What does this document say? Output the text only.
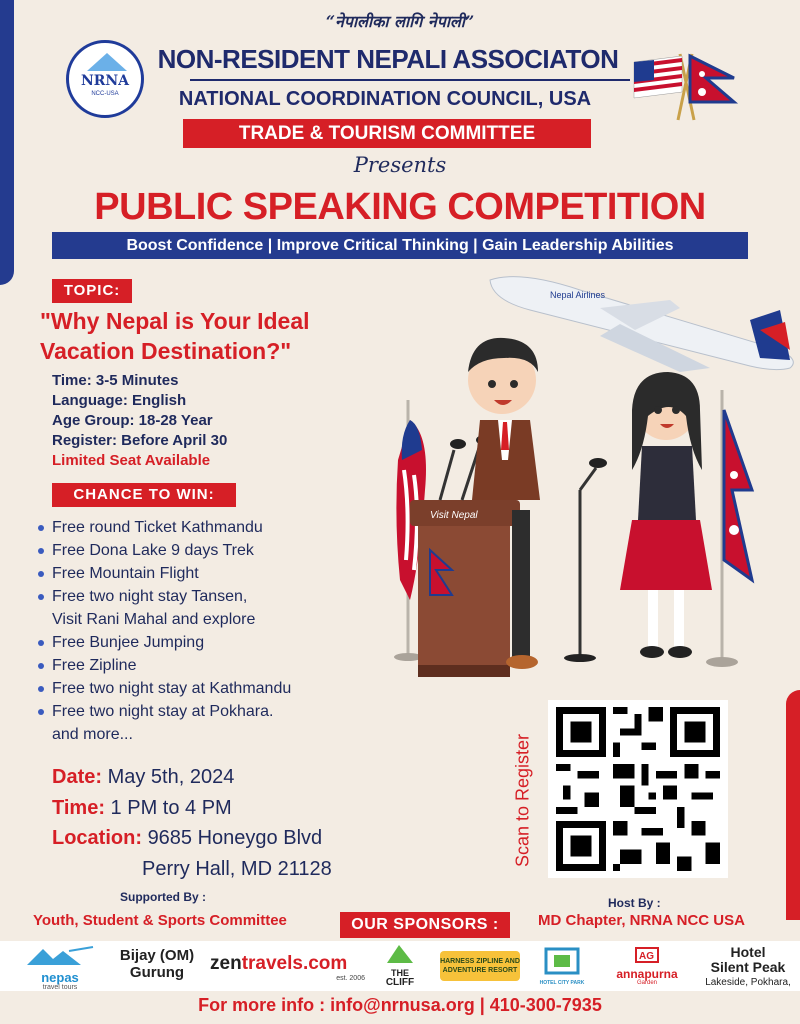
“नेपालीका लागि नेपाली”
NRNA
NCC-USA
NON-RESIDENT NEPALI ASSOCIATON
NATIONAL COORDINATION COUNCIL, USA
TRADE & TOURISM COMMITTEE
Presents
PUBLIC SPEAKING COMPETITION
Boost Confidence | Improve Critical Thinking | Gain Leadership Abilities
TOPIC:
"Why Nepal is Your Ideal Vacation Destination?"
Time: 3-5 Minutes
Language: English
Age Group: 18-28 Year
Register: Before April 30
Limited Seat Available
CHANCE TO WIN:
Free round Ticket Kathmandu
Free Dona Lake 9 days Trek
Free Mountain Flight
Free two night stay Tansen,
Visit Rani Mahal and explore
Free Bunjee Jumping
Free Zipline
Free two night stay at Kathmandu
Free two night stay at Pokhara.
and more...
Date: May 5th, 2024
Time: 1 PM to 4 PM
Location: 9685 Honeygo Blvd
Perry Hall, MD 21128
Nepal Airlines
Visit Nepal
Scan to Register
Supported By :
Youth, Student & Sports Committee	OUR SPONSORS :
Host By :
MD Chapter, NRNA NCC USA
nepas
travel tours
Bijay (OM)
Gurung	zentravels.com
est. 2006
THE
CLIFF
HARNESS ZIPLINE AND ADVENTURE RESORT
HOTEL CITY PARK
AG
annapurna
Garden
Hotel
Silent Peak
Lakeside, Pokhara,
For more info : info@nrnusa.org | 410-300-7935
